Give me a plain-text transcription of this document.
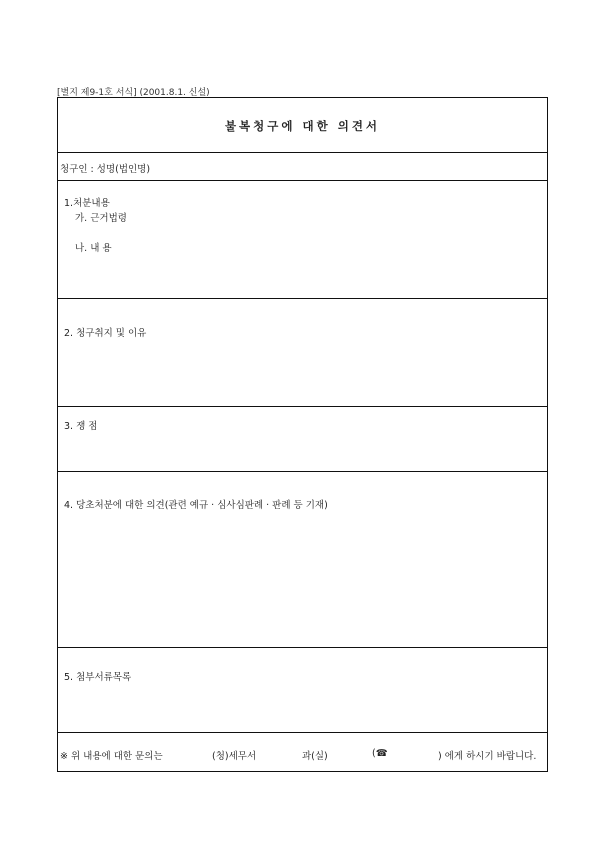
[별지 제9-1호 서식] (2001.8.1. 신설)
불복청구에 대한 의견서
청구인 : 성명(법인명)
1.처분내용
가. 근거법령
나. 내 용
2. 청구취지 및 이유
3. 쟁 점
4. 당초처분에 대한 의견(관련 예규 · 심사심판례 · 판례 등 기재)
5. 첨부서류목록
※ 위 내용에 대한 문의는	(청)세무서	과(실)	(☎	) 에게 하시기 바랍니다.
